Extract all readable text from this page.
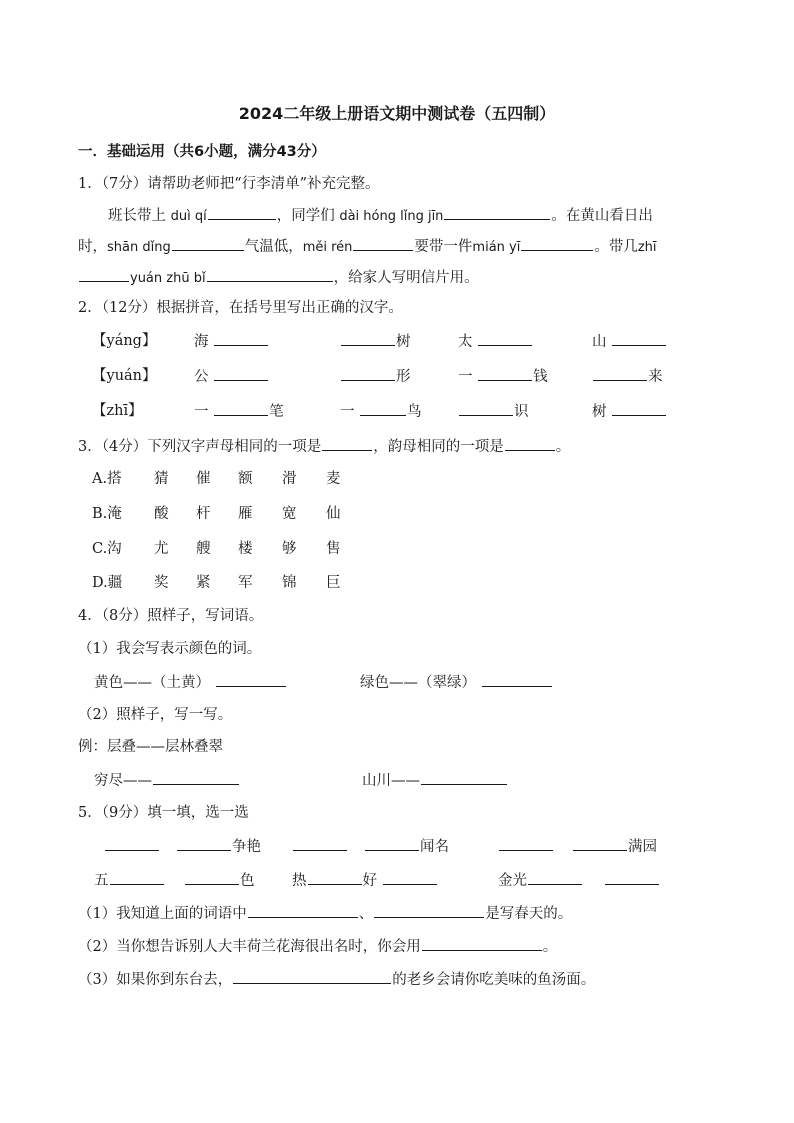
2024二年级上册语文期中测试卷（五四制）
一．基础运用（共6小题，满分43分）
1．（7分）请帮助老师把“行李清单”补充完整。
班长带上 duì qí	，同学们 dài hóng lǐng jīn	。在黄山看日出
时，shān dǐng	气温低，měi rén	要带一件mián yī	。带几zhī
yuán zhū bǐ	，给家人写明信片用。
2．（12分）根据拼音，在括号里写出正确的汉字。
【yáng】	海	树	太	山
【yuán】	公	形	一	钱	来
【zhī】	一	笔	一	鸟	识	树
3．（4分）下列汉字声母相同的一项是	，韵母相同的一项是	。
A.搭 猜 催 额 滑 麦
B.淹 酸 杆 雁 宽 仙
C.沟 尤 艘 楼 够 售
D.疆 奖 紧 军 锦 巨
4．（8分）照样子，写词语。
（1）我会写表示颜色的词。
黄色——（土黄）	绿色——（翠绿）
（2）照样子，写一写。
例：层叠——层林叠翠
穷尽——	山川——
5．（9分）填一填，选一选
争艳	闻名	满园
五	色	热	好	金光
（1）我知道上面的词语中	、	是写春天的。
（2）当你想告诉别人大丰荷兰花海很出名时，你会用	。
（3）如果你到东台去，	的老乡会请你吃美味的鱼汤面。
